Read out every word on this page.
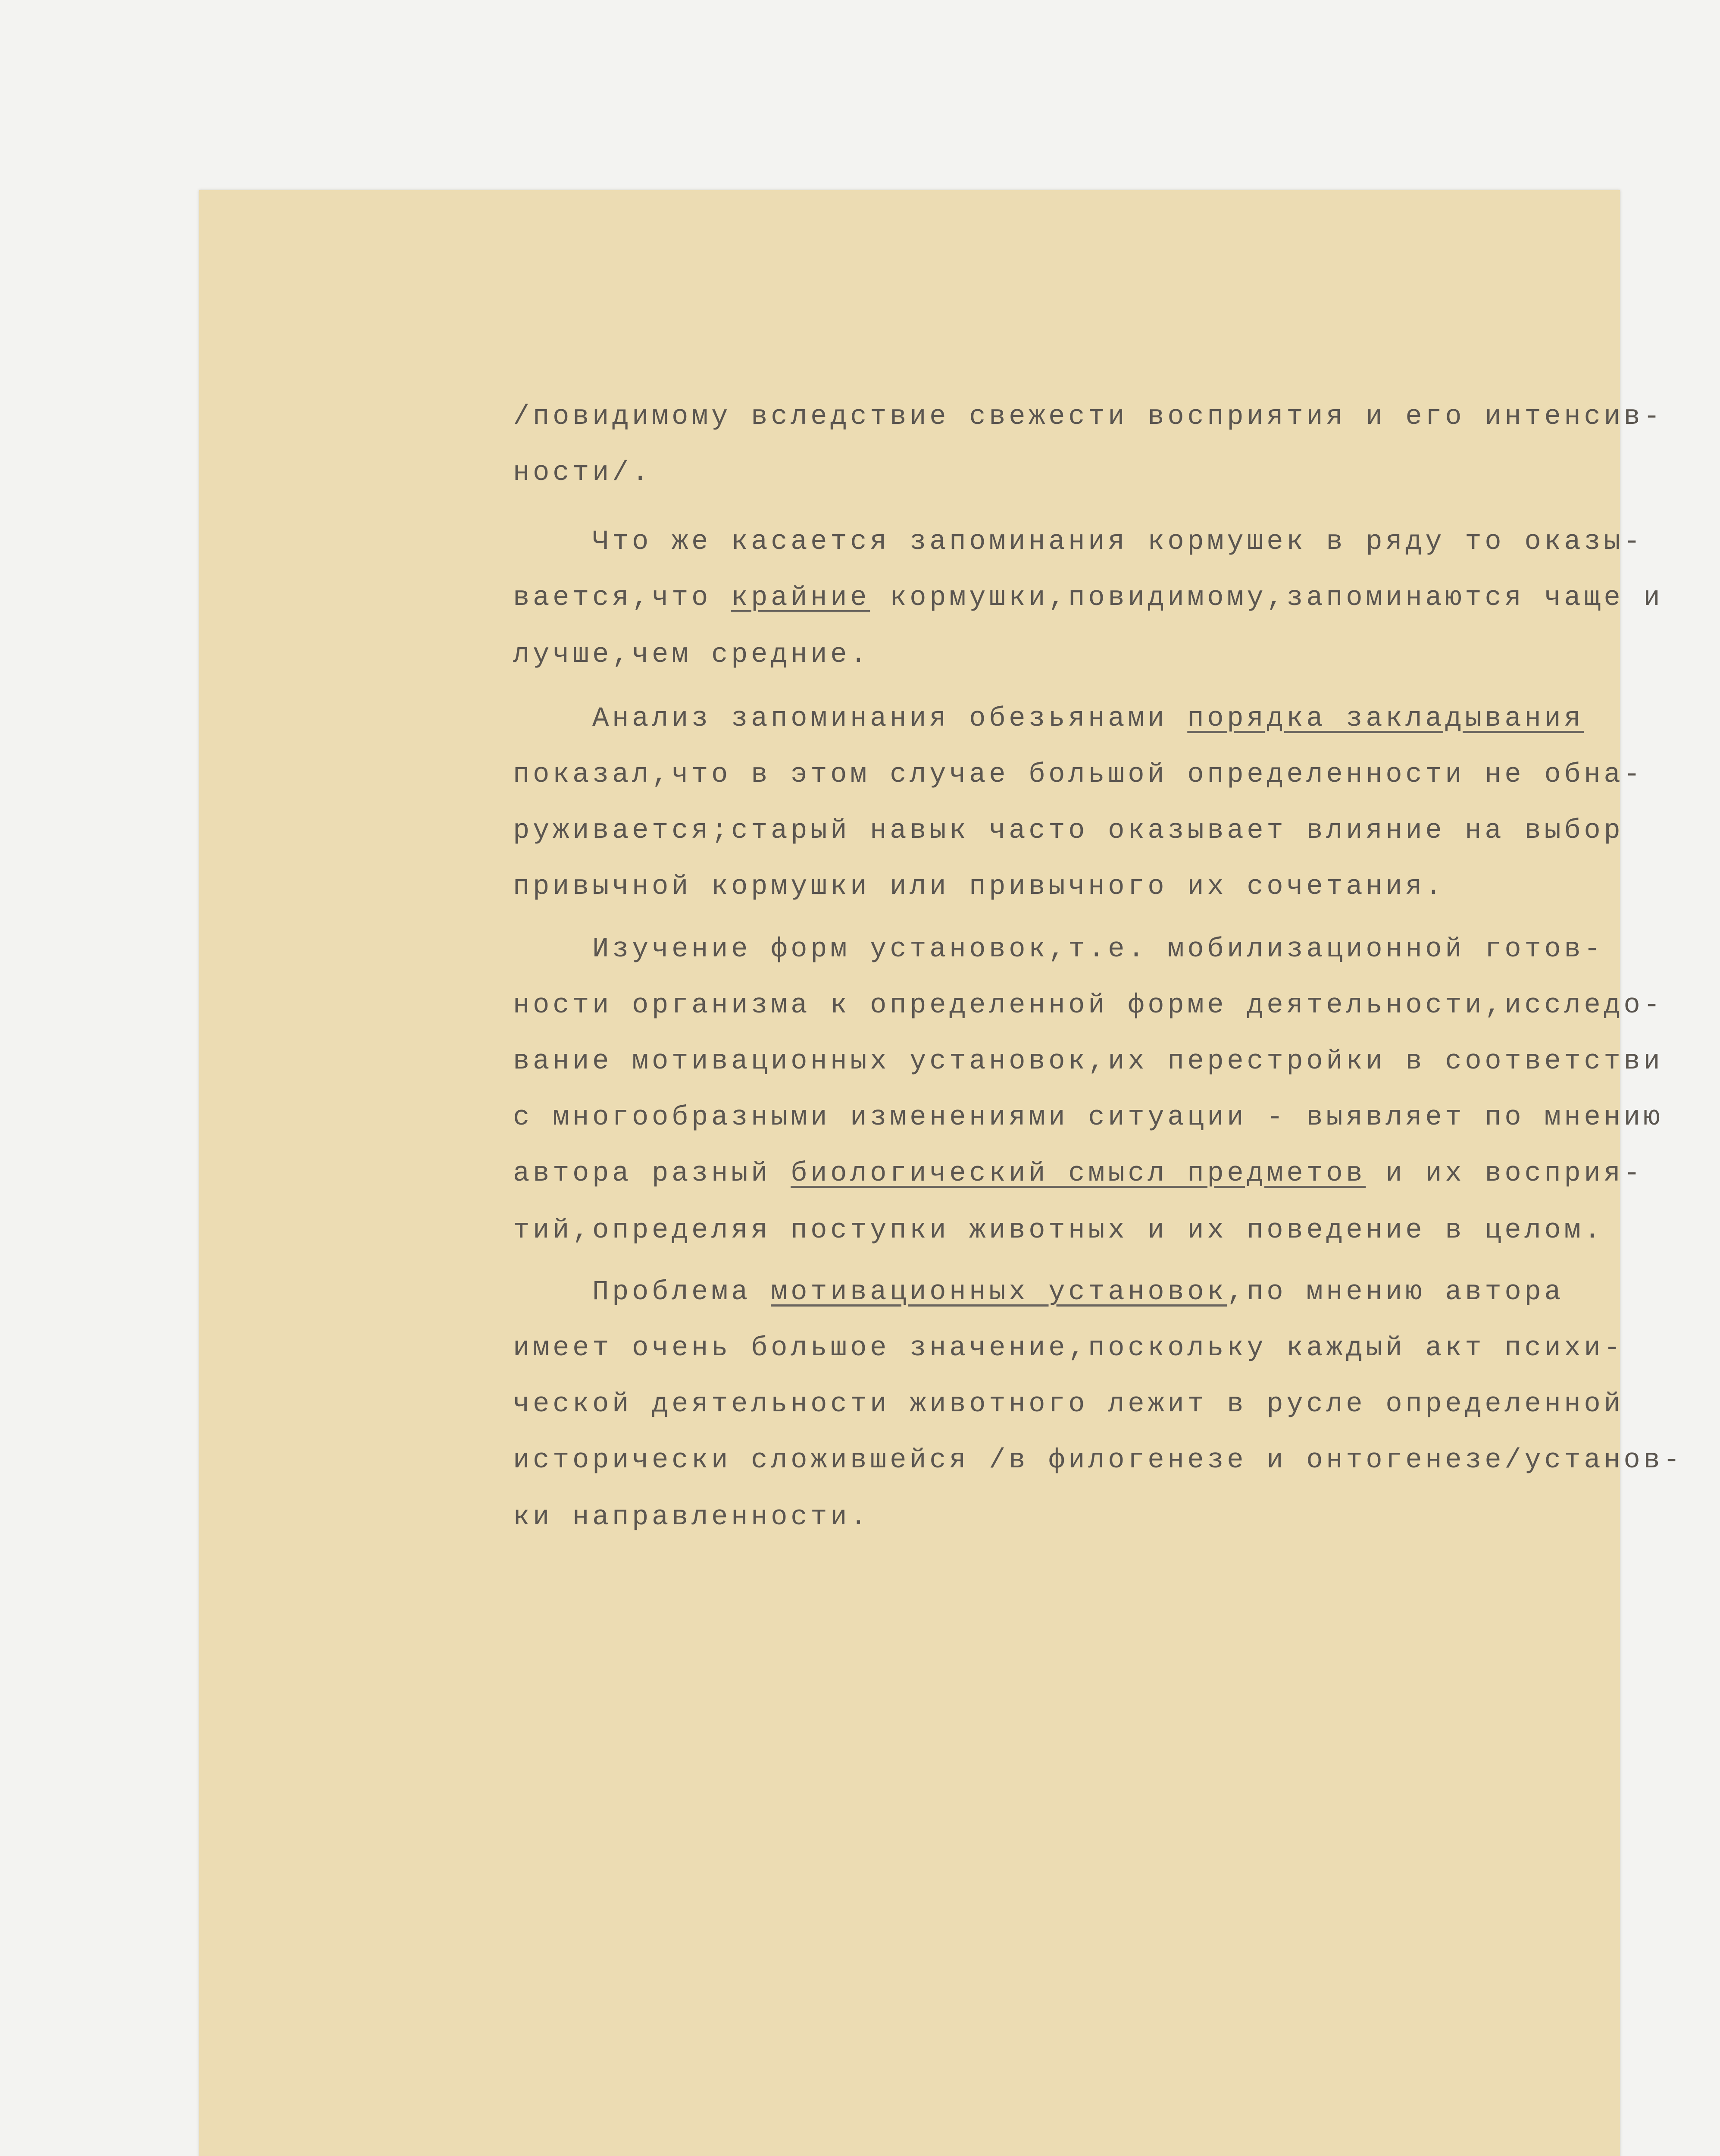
/повидимому вследствие свежести восприятия и его интенсив-
ности/.
Что же касается запоминания кормушек в ряду то оказы-
вается,что крайние кормушки,повидимому,запоминаются чаще и
лучше,чем средние.
Анализ запоминания обезьянами порядка закладывания
показал,что в этом случае большой определенности не обна-
руживается;старый навык часто оказывает влияние на выбор
привычной кормушки или привычного их сочетания.
Изучение форм установок,т.е. мобилизационной готов-
ности организма к определенной форме деятельности,исследо-
вание мотивационных установок,их перестройки в соответстви
с многообразными изменениями ситуации - выявляет по мнению
автора разный биологический смысл предметов и их восприя-
тий,определяя поступки животных и их поведение в целом.
Проблема мотивационных установок,по мнению автора
имеет очень большое значение,поскольку каждый акт психи-
ческой деятельности животного лежит в русле определенной
исторически сложившейся /в филогенезе и онтогенезе/установ-
ки направленности.
